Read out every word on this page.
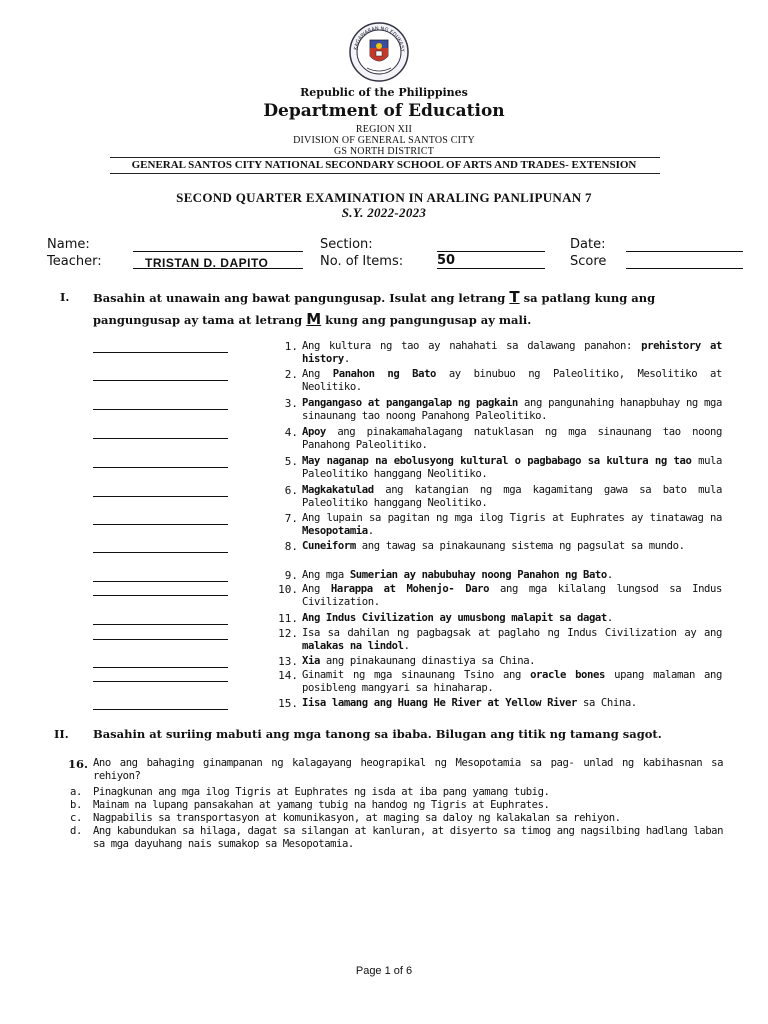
KAGAWARAN NG EDUKASY
Republic of the Philippines
Department of Education
REGION XII
DIVISION OF GENERAL SANTOS CITY
GS NORTH DISTRICT
GENERAL SANTOS CITY NATIONAL SECONDARY SCHOOL OF ARTS AND TRADES- EXTENSION
SECOND QUARTER EXAMINATION IN ARALING PANLIPUNAN 7
S.Y. 2022-2023
Name:
Teacher:	TRISTAN D. DAPITO
Section:
No. of Items:	50
Date:
Score
I. Basahin at unawain ang bawat pangungusap. Isulat ang letrang T sa patlang kung ang
pangungusap ay tama at letrang M kung ang pangungusap ay mali.
1. Ang kultura ng tao ay nahahati sa dalawang panahon: prehistory at history.
2. Ang Panahon ng Bato ay binubuo ng Paleolitiko, Mesolitiko at Neolitiko.
3. Pangangaso at pangangalap ng pagkain ang pangunahing hanapbuhay ng mga sinaunang tao noong Panahong Paleolitiko.
4. Apoy ang pinakamahalagang natuklasan ng mga sinaunang tao noong Panahong Paleolitiko.
5. May naganap na ebolusyong kultural o pagbabago sa kultura ng tao mula Paleolitiko hanggang Neolitiko.
6. Magkakatulad ang katangian ng mga kagamitang gawa sa bato mula Paleolitiko hanggang Neolitiko.
7. Ang lupain sa pagitan ng mga ilog Tigris at Euphrates ay tinatawag na Mesopotamia.
8. Cuneiform ang tawag sa pinakaunang sistema ng pagsulat sa mundo.
9. Ang mga Sumerian ay nabubuhay noong Panahon ng Bato.
10. Ang Harappa at Mohenjo- Daro ang mga kilalang lungsod sa Indus Civilization.
11. Ang Indus Civilization ay umusbong malapit sa dagat.
12. Isa sa dahilan ng pagbagsak at paglaho ng Indus Civilization ay ang malakas na lindol.
13. Xia ang pinakaunang dinastiya sa China.
14. Ginamit ng mga sinaunang Tsino ang oracle bones upang malaman ang posibleng mangyari sa hinaharap.
15. Iisa lamang ang Huang He River at Yellow River sa China.
II. Basahin at suriing mabuti ang mga tanong sa ibaba. Bilugan ang titik ng tamang sagot.
16. Ano ang bahaging ginampanan ng kalagayang heograpikal ng Mesopotamia sa pag- unlad ng kabihasnan sa rehiyon?
a. Pinagkunan ang mga ilog Tigris at Euphrates ng isda at iba pang yamang tubig.
b. Mainam na lupang pansakahan at yamang tubig na handog ng Tigris at Euphrates.
c. Nagpabilis sa transportasyon at komunikasyon, at maging sa daloy ng kalakalan sa rehiyon.
d. Ang kabundukan sa hilaga, dagat sa silangan at kanluran, at disyerto sa timog ang nagsilbing hadlang laban sa mga dayuhang nais sumakop sa Mesopotamia.
Page 1 of 6
